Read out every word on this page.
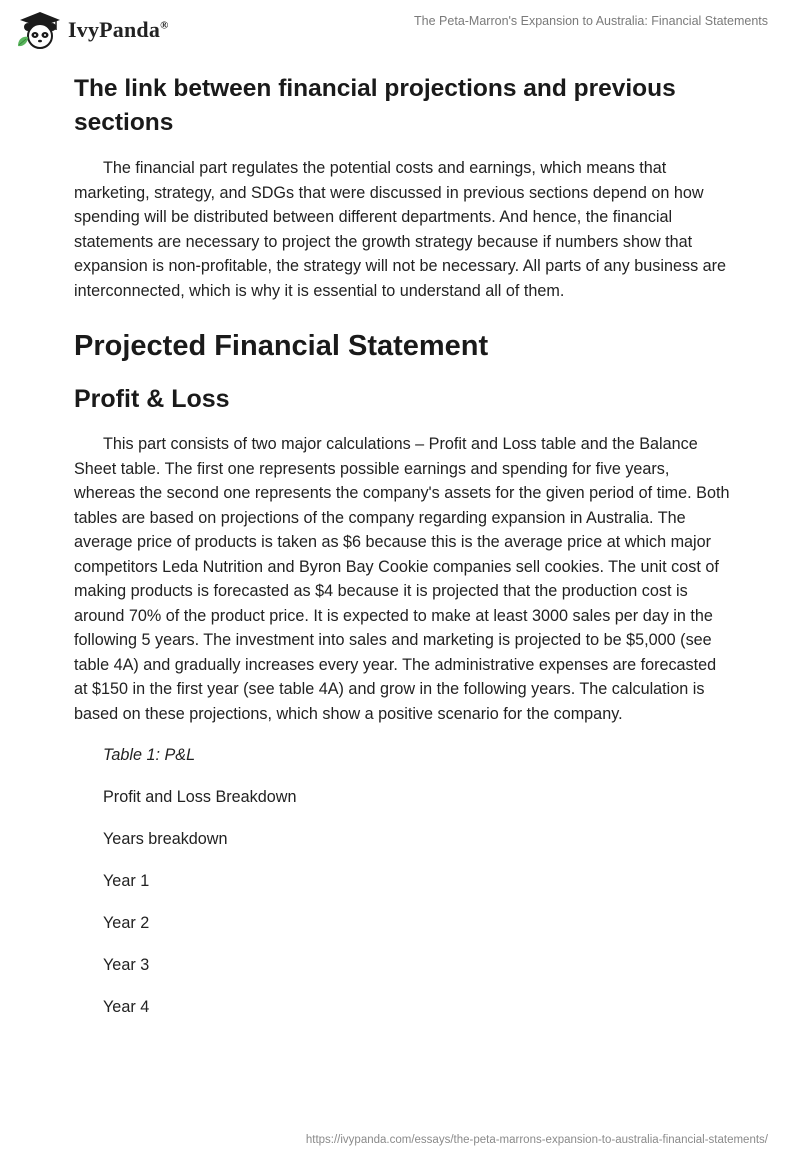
IvyPanda®	The Peta-Marron's Expansion to Australia: Financial Statements
The link between financial projections and previous sections

The financial part regulates the potential costs and earnings, which means that marketing, strategy, and SDGs that were discussed in previous sections depend on how spending will be distributed between different departments. And hence, the financial statements are necessary to project the growth strategy because if numbers show that expansion is non-profitable, the strategy will not be necessary. All parts of any business are interconnected, which is why it is essential to understand all of them.

Projected Financial Statement
Profit & Loss

This part consists of two major calculations – Profit and Loss table and the Balance Sheet table. The first one represents possible earnings and spending for five years, whereas the second one represents the company's assets for the given period of time. Both tables are based on projections of the company regarding expansion in Australia. The average price of products is taken as $6 because this is the average price at which major competitors Leda Nutrition and Byron Bay Cookie companies sell cookies. The unit cost of making products is forecasted as $4 because it is projected that the production cost is around 70% of the product price. It is expected to make at least 3000 sales per day in the following 5 years. The investment into sales and marketing is projected to be $5,000 (see table 4A) and gradually increases every year. The administrative expenses are forecasted at $150 in the first year (see table 4A) and grow in the following years. The calculation is based on these projections, which show a positive scenario for the company.

Table 1: P&L
Profit and Loss Breakdown
Years breakdown
Year 1
Year 2
Year 3
Year 4
https://ivypanda.com/essays/the-peta-marrons-expansion-to-australia-financial-statements/
